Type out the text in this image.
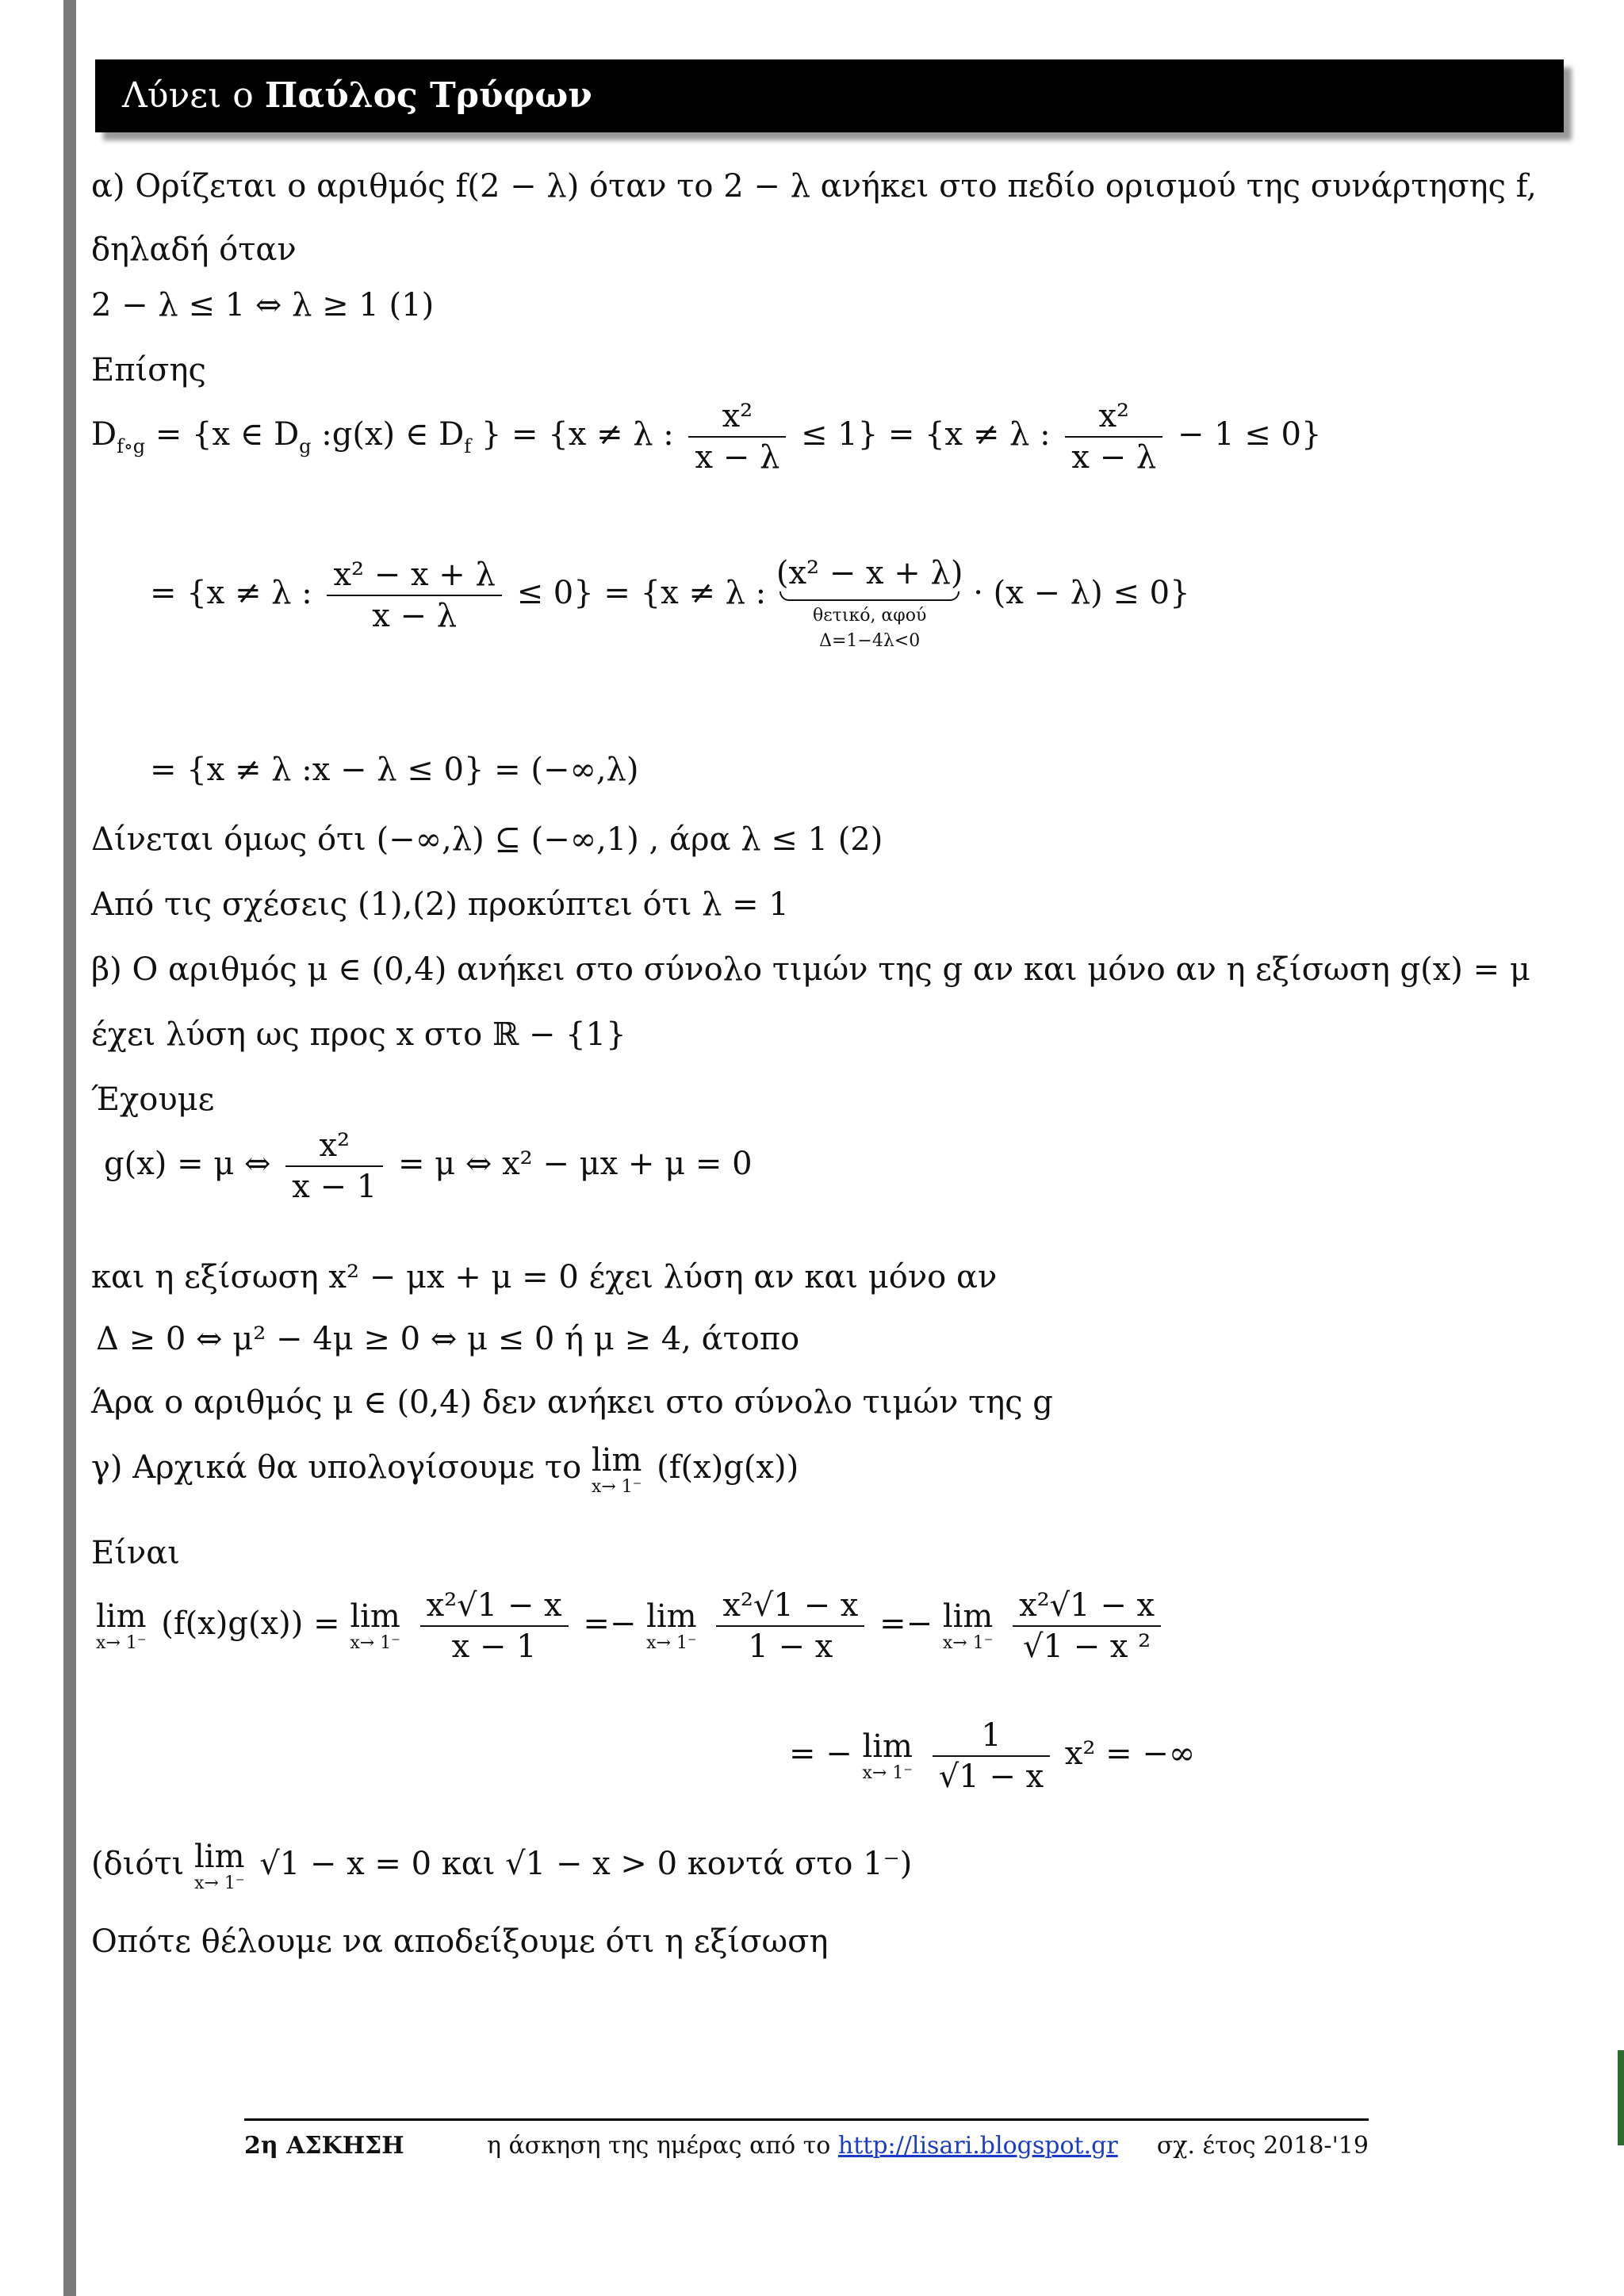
Λύνει ο Παύλος Τρύφων
α) Ορίζεται ο αριθμός f(2 − λ) όταν το 2 − λ ανήκει στο πεδίο ορισμού της συνάρτησης f,
δηλαδή όταν
2 − λ ≤ 1 ⇔ λ ≥ 1 (1)
Επίσης
$D_{f\circ g} = \{x$ ∈ $D_g$ :g(x) ∈ $D_f$ } = {x ≠ λ : $\frac{\text{x²}}{x - \lambda} \le 1\} = \{x \ne \lambda$ : $\frac{\text{x²}}{x - \lambda} - 1 \le 0$}
= {x ≠ λ : $\frac{\text{x² − x + λ}}{x - \lambda} \le 0\} = \{x \ne \lambda$ : (x² − x + λ)
θετικό, αφού
Δ=1−4λ<0
· (x − λ) ≤ 0}
= {x ≠ λ :x − λ ≤ 0} = (−∞,λ)
Δίνεται όμως ότι (−∞,λ) ⊆ (−∞,1) , άρα λ ≤ 1 (2)
Από τις σχέσεις (1),(2) προκύπτει ότι λ = 1
β) Ο αριθμός μ ∈ (0,4) ανήκει στο σύνολο τιμών της g αν και μόνο αν η εξίσωση g(x) = μ
έχει λύση ως προς x στο ℝ − {1}
Έχουμε
g(x) = μ ⇔ $\frac{\text{x²}}{x - 1} = \mu$ ⇔ x² − μx + μ = 0
και η εξίσωση x² − μx + μ = 0 έχει λύση αν και μόνο αν
Δ ≥ 0 ⇔ μ² − 4μ ≥ 0 ⇔ μ ≤ 0 ή μ ≥ 4, άτοπο
Άρα ο αριθμός μ ∈ (0,4) δεν ανήκει στο σύνολο τιμών της g
γ) Αρχικά θα υπολογίσουμε το lim
x→ 1⁻
(f(x)g(x))
Είναι
lim
x→ 1⁻
(f(x)g(x)) = lim
x→ 1⁻
$\frac{\text{x²√1 − x}}{x - 1} =- \lim$
x→ 1⁻
$\frac{\text{x²√1 − x}}{1 - x} =- \lim$
x→ 1⁻
$\frac{\text{x²√1 − x}}{\text{√1 − x ²}}$
= − lim
x→ 1⁻
$\frac{1}{√1 - x} x^2$ = −∞
(διότι lim
x→ 1⁻
√1 − x = 0 και √1 − x > 0 κοντά στο 1⁻)
Οπότε θέλουμε να αποδείξουμε ότι η εξίσωση
2η ΑΣΚΗΣΗ	η άσκηση της ημέρας από το http://lisari.blogspot.gr σχ. έτος 2018-'19
